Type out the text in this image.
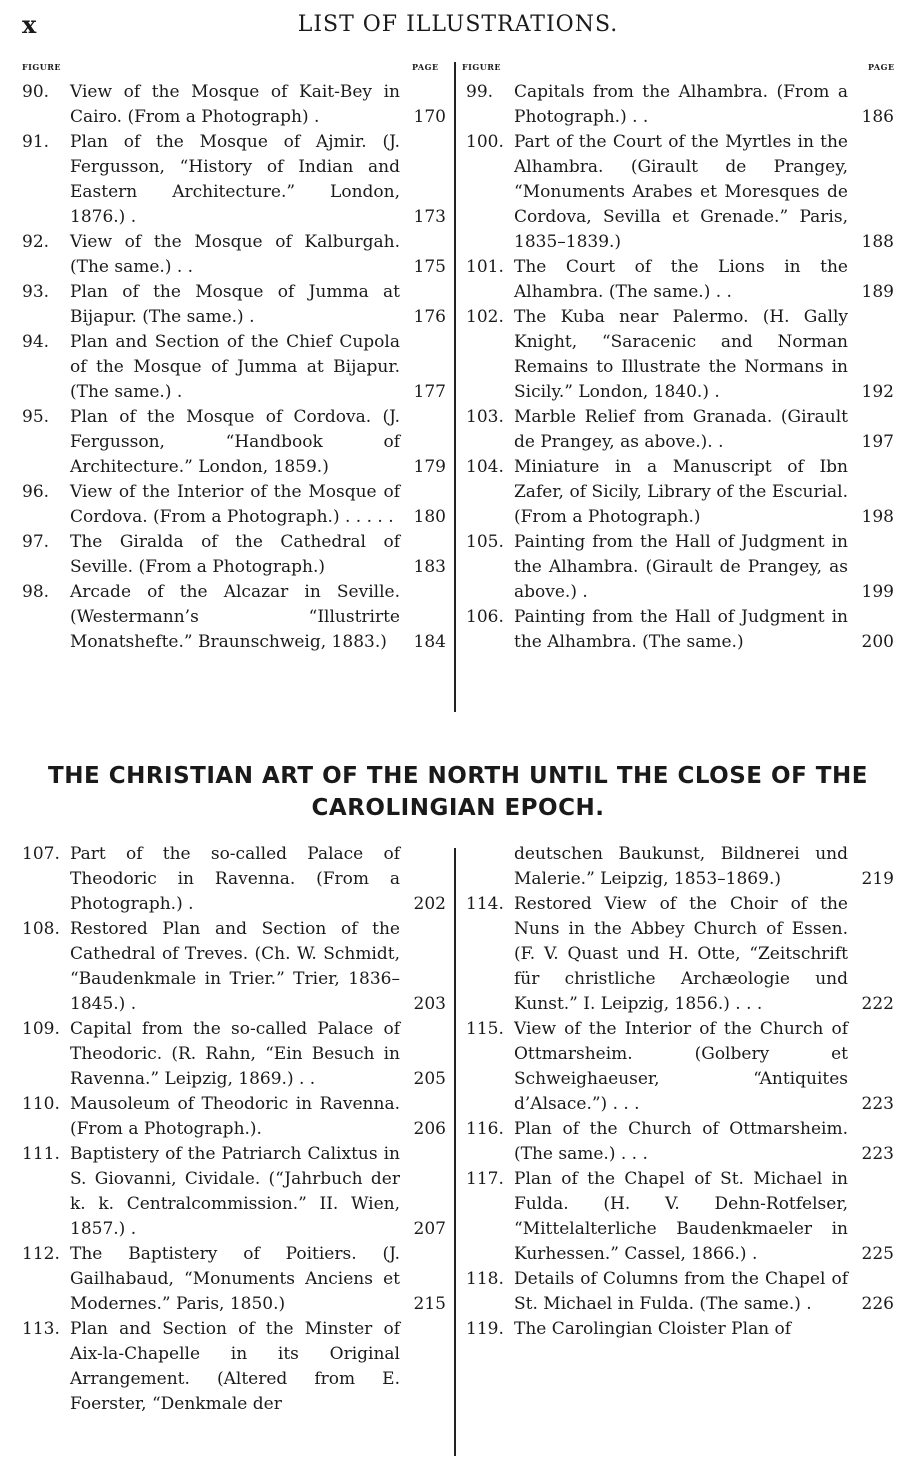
x	LIST OF ILLUSTRATIONS.
FIGURE	PAGE	FIGURE	PAGE
90.	View of the Mosque of Kait-Bey in Cairo. (From a Photograph) .	170
91.	Plan of the Mosque of Ajmir. (J. Fergusson, “History of Indian and Eastern Architecture.” London, 1876.) .	173
92.	View of the Mosque of Kalburgah. (The same.) . .	175
93.	Plan of the Mosque of Jumma at Bijapur. (The same.) .	176
94.	Plan and Section of the Chief Cupola of the Mosque of Jumma at Bijapur. (The same.) .	177
95.	Plan of the Mosque of Cordova. (J. Fergusson, “Handbook of Architecture.” London, 1859.)	179
96.	View of the Interior of the Mosque of Cordova. (From a Photograph.) . . . . .	180
97.	The Giralda of the Cathedral of Seville. (From a Photograph.)	183
98.	Arcade of the Alcazar in Seville. (Westermann’s “Illustrirte Monatshefte.” Braunschweig, 1883.)	184
99.	Capitals from the Alhambra. (From a Photograph.) . .	186
100. Part of the Court of the Myrtles in the Alhambra. (Girault de Prangey, “Monuments Arabes et Moresques de Cordova, Sevilla et Grenade.” Paris, 1835–1839.)	188
101. The Court of the Lions in the Alhambra. (The same.) . .	189
102. The Kuba near Palermo. (H. Gally Knight, “Saracenic and Norman Remains to Illustrate the Normans in Sicily.” London, 1840.) .	192
103. Marble Relief from Granada. (Girault de Prangey, as above.). .	197
104. Miniature in a Manuscript of Ibn Zafer, of Sicily, Library of the Escurial. (From a Photograph.)	198
105. Painting from the Hall of Judgment in the Alhambra. (Girault de Prangey, as above.) .	199
106. Painting from the Hall of Judgment in the Alhambra. (The same.)	200
THE CHRISTIAN ART OF THE NORTH UNTIL THE CLOSE OF THE
CAROLINGIAN EPOCH.
107. Part of the so-called Palace of Theodoric in Ravenna. (From a Photograph.) .	202
108. Restored Plan and Section of the Cathedral of Treves. (Ch. W. Schmidt, “Baudenkmale in Trier.” Trier, 1836–1845.) .	203
109. Capital from the so-called Palace of Theodoric. (R. Rahn, “Ein Besuch in Ravenna.” Leipzig, 1869.) . .	205
110. Mausoleum of Theodoric in Ravenna. (From a Photograph.).	206
111. Baptistery of the Patriarch Calixtus in S. Giovanni, Cividale. (“Jahrbuch der k. k. Centralcommission.” II. Wien, 1857.) .	207
112. The Baptistery of Poitiers. (J. Gailhabaud, “Monuments Anciens et Modernes.” Paris, 1850.)	215
113. Plan and Section of the Minster of Aix-la-Chapelle in its Original Arrangement. (Altered from E. Foerster, “Denkmale der
deutschen Baukunst, Bildnerei und Malerie.” Leipzig, 1853–1869.)	219
114. Restored View of the Choir of the Nuns in the Abbey Church of Essen. (F. V. Quast und H. Otte, “Zeitschrift für christliche Archæologie und Kunst.” I. Leipzig, 1856.) . . .	222
115. View of the Interior of the Church of Ottmarsheim. (Golbery et Schweighaeuser, “Antiquites d’Alsace.”) . . .	223
116. Plan of the Church of Ottmarsheim. (The same.) . . .	223
117. Plan of the Chapel of St. Michael in Fulda. (H. V. Dehn-Rotfelser, “Mittelalterliche Baudenkmaeler in Kurhessen.” Cassel, 1866.) .	225
118. Details of Columns from the Chapel of St. Michael in Fulda. (The same.) .	226
119. The Carolingian Cloister Plan of
